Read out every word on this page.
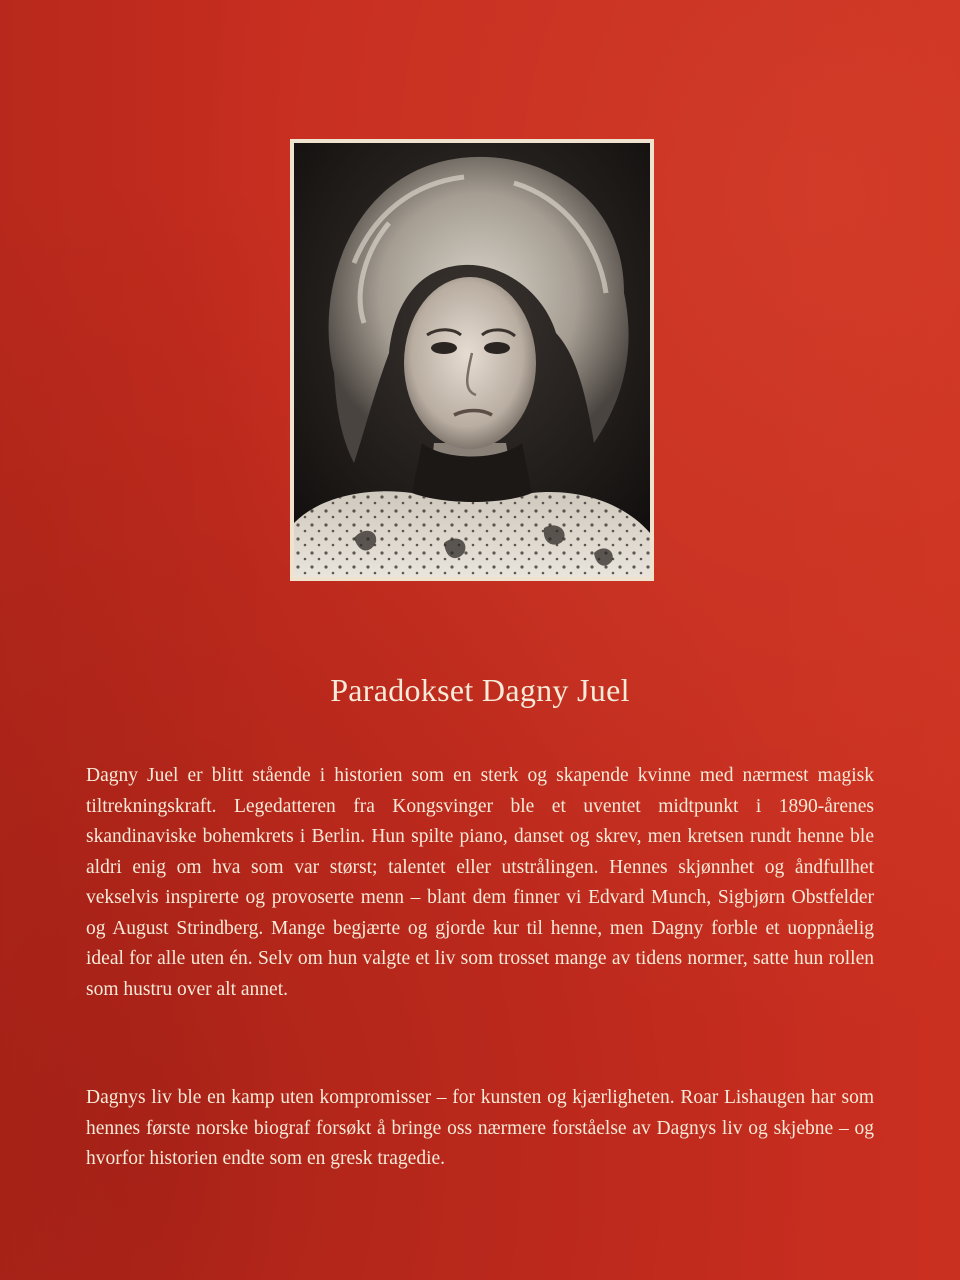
Paradokset Dagny Juel

Dagny Juel er blitt stående i historien som en sterk og skapende kvinne med nærmest magisk tiltrekningskraft. Legedatteren fra Kongsvinger ble et uventet midtpunkt i 1890-årenes skandinaviske bohemkrets i Berlin. Hun spilte piano, danset og skrev, men kretsen rundt henne ble aldri enig om hva som var størst; talentet eller utstrålingen. Hennes skjønnhet og åndfullhet vekselvis inspirerte og provoserte menn – blant dem finner vi Edvard Munch, Sigbjørn Obstfelder og August Strindberg. Mange begjærte og gjorde kur til henne, men Dagny forble et uoppnåelig ideal for alle uten én. Selv om hun valgte et liv som trosset mange av tidens normer, satte hun rollen som hustru over alt annet.

Dagnys liv ble en kamp uten kompromisser – for kunsten og kjærligheten. Roar Lishaugen har som hennes første norske biograf forsøkt å bringe oss nærmere forståelse av Dagnys liv og skjebne – og hvorfor historien endte som en gresk tragedie.
